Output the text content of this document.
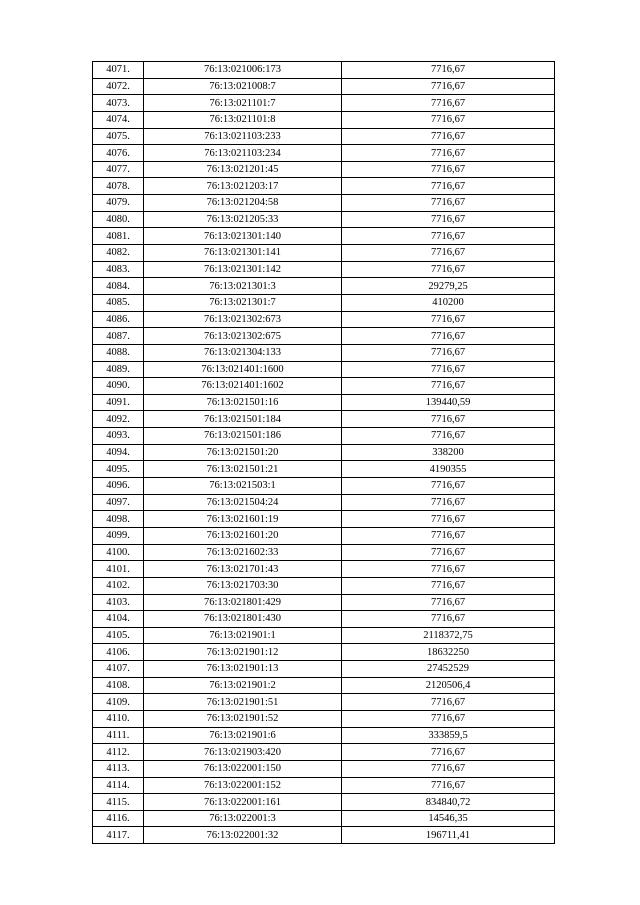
4071.	76:13:021006:173	7716,67
4072.	76:13:021008:7	7716,67
4073.	76:13:021101:7	7716,67
4074.	76:13:021101:8	7716,67
4075.	76:13:021103:233	7716,67
4076.	76:13:021103:234	7716,67
4077.	76:13:021201:45	7716,67
4078.	76:13:021203:17	7716,67
4079.	76:13:021204:58	7716,67
4080.	76:13:021205:33	7716,67
4081.	76:13:021301:140	7716,67
4082.	76:13:021301:141	7716,67
4083.	76:13:021301:142	7716,67
4084.	76:13:021301:3	29279,25
4085.	76:13:021301:7	410200
4086.	76:13:021302:673	7716,67
4087.	76:13:021302:675	7716,67
4088.	76:13:021304:133	7716,67
4089.	76:13:021401:1600	7716,67
4090.	76:13:021401:1602	7716,67
4091.	76:13:021501:16	139440,59
4092.	76:13:021501:184	7716,67
4093.	76:13:021501:186	7716,67
4094.	76:13:021501:20	338200
4095.	76:13:021501:21	4190355
4096.	76:13:021503:1	7716,67
4097.	76:13:021504:24	7716,67
4098.	76:13:021601:19	7716,67
4099.	76:13:021601:20	7716,67
4100.	76:13:021602:33	7716,67
4101.	76:13:021701:43	7716,67
4102.	76:13:021703:30	7716,67
4103.	76:13:021801:429	7716,67
4104.	76:13:021801:430	7716,67
4105.	76:13:021901:1	2118372,75
4106.	76:13:021901:12	18632250
4107.	76:13:021901:13	27452529
4108.	76:13:021901:2	2120506,4
4109.	76:13:021901:51	7716,67
4110.	76:13:021901:52	7716,67
4111.	76:13:021901:6	333859,5
4112.	76:13:021903:420	7716,67
4113.	76:13:022001:150	7716,67
4114.	76:13:022001:152	7716,67
4115.	76:13:022001:161	834840,72
4116.	76:13:022001:3	14546,35
4117.	76:13:022001:32	196711,41
